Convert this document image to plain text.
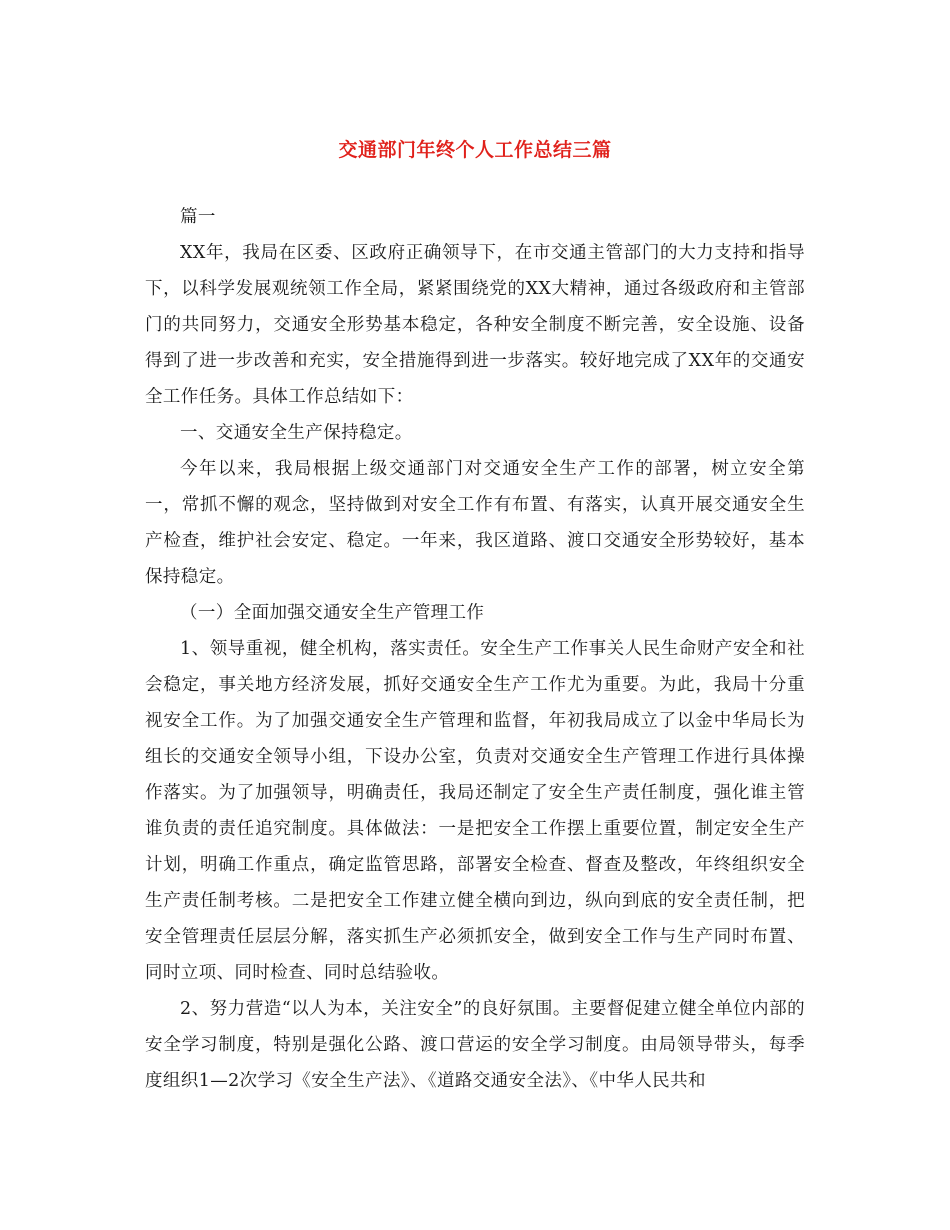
交通部门年终个人工作总结三篇

篇一

XX年，我局在区委、区政府正确领导下，在市交通主管部门的大力支持和指导下，以科学发展观统领工作全局，紧紧围绕党的XX大精神，通过各级政府和主管部门的共同努力，交通安全形势基本稳定，各种安全制度不断完善，安全设施、设备得到了进一步改善和充实，安全措施得到进一步落实。较好地完成了XX年的交通安全工作任务。具体工作总结如下：

一、交通安全生产保持稳定。

今年以来，我局根据上级交通部门对交通安全生产工作的部署，树立安全第一，常抓不懈的观念，坚持做到对安全工作有布置、有落实，认真开展交通安全生产检查，维护社会安定、稳定。一年来，我区道路、渡口交通安全形势较好，基本保持稳定。

（一）全面加强交通安全生产管理工作

1、领导重视，健全机构，落实责任。安全生产工作事关人民生命财产安全和社会稳定，事关地方经济发展，抓好交通安全生产工作尤为重要。为此，我局十分重视安全工作。为了加强交通安全生产管理和监督，年初我局成立了以金中华局长为组长的交通安全领导小组，下设办公室，负责对交通安全生产管理工作进行具体操作落实。为了加强领导，明确责任，我局还制定了安全生产责任制度，强化谁主管谁负责的责任追究制度。具体做法：一是把安全工作摆上重要位置，制定安全生产计划，明确工作重点，确定监管思路，部署安全检查、督查及整改，年终组织安全生产责任制考核。二是把安全工作建立健全横向到边，纵向到底的安全责任制，把安全管理责任层层分解，落实抓生产必须抓安全，做到安全工作与生产同时布置、同时立项、同时检查、同时总结验收。

2、努力营造“以人为本，关注安全”的良好氛围。主要督促建立健全单位内部的安全学习制度，特别是强化公路、渡口营运的安全学习制度。由局领导带头，每季度组织1—2次学习《安全生产法》、《道路交通安全法》、《中华人民共和
